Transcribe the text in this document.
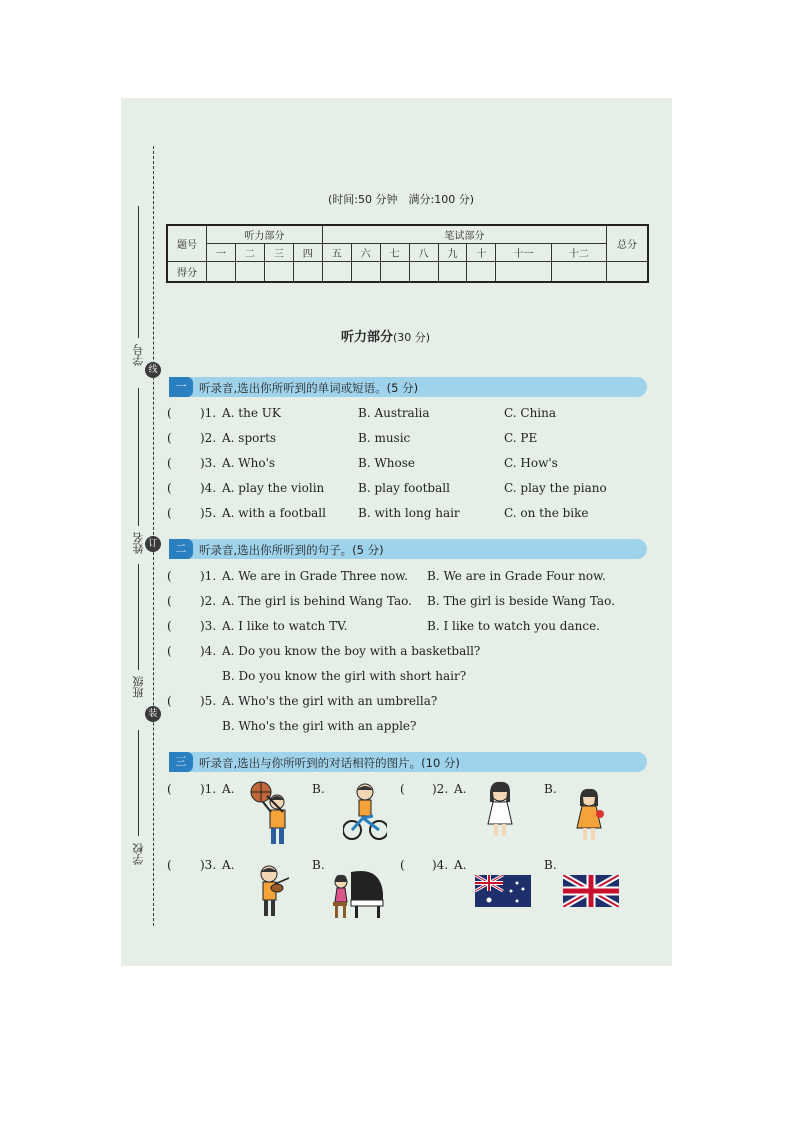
学号
线
姓名 订
班级
装
学校
(时间:50 分钟　满分:100 分)
题号	听力部分				笔试部分								总分
	一	二	三	四	五	六	七	八	九	十	十一	十二	
得分													
听力部分(30 分)
一	听录音,选出你所听到的单词或短语。(5 分)
二	听录音,选出你所听到的句子。(5 分)
( )1. A. We are in Grade Three now. B. We are in Grade Four now.
( )2. A. The girl is behind Wang Tao. B. The girl is beside Wang Tao.
( )3. A. I like to watch TV.	B. I like to watch you dance.
( )4. A. Do you know the boy with a basketball?
B. Do you know the girl with short hair?
( )5. A. Who's the girl with an umbrella?
B. Who's the girl with an apple?
三	听录音,选出与你所听到的对话相符的图片。(10 分)
( )1. A.	B.	( )2. A.	B.
( )3. A.	B.	( )4. A.	B.
( )1. A. the UK	B. Australia	C. China
( )2. A. sports	B. music	C. PE
( )3. A. Who's	B. Whose	C. How's
( )4. A. play the violin	B. play football	C. play the piano
( )5. A. with a football	B. with long hair	C. on the bike
